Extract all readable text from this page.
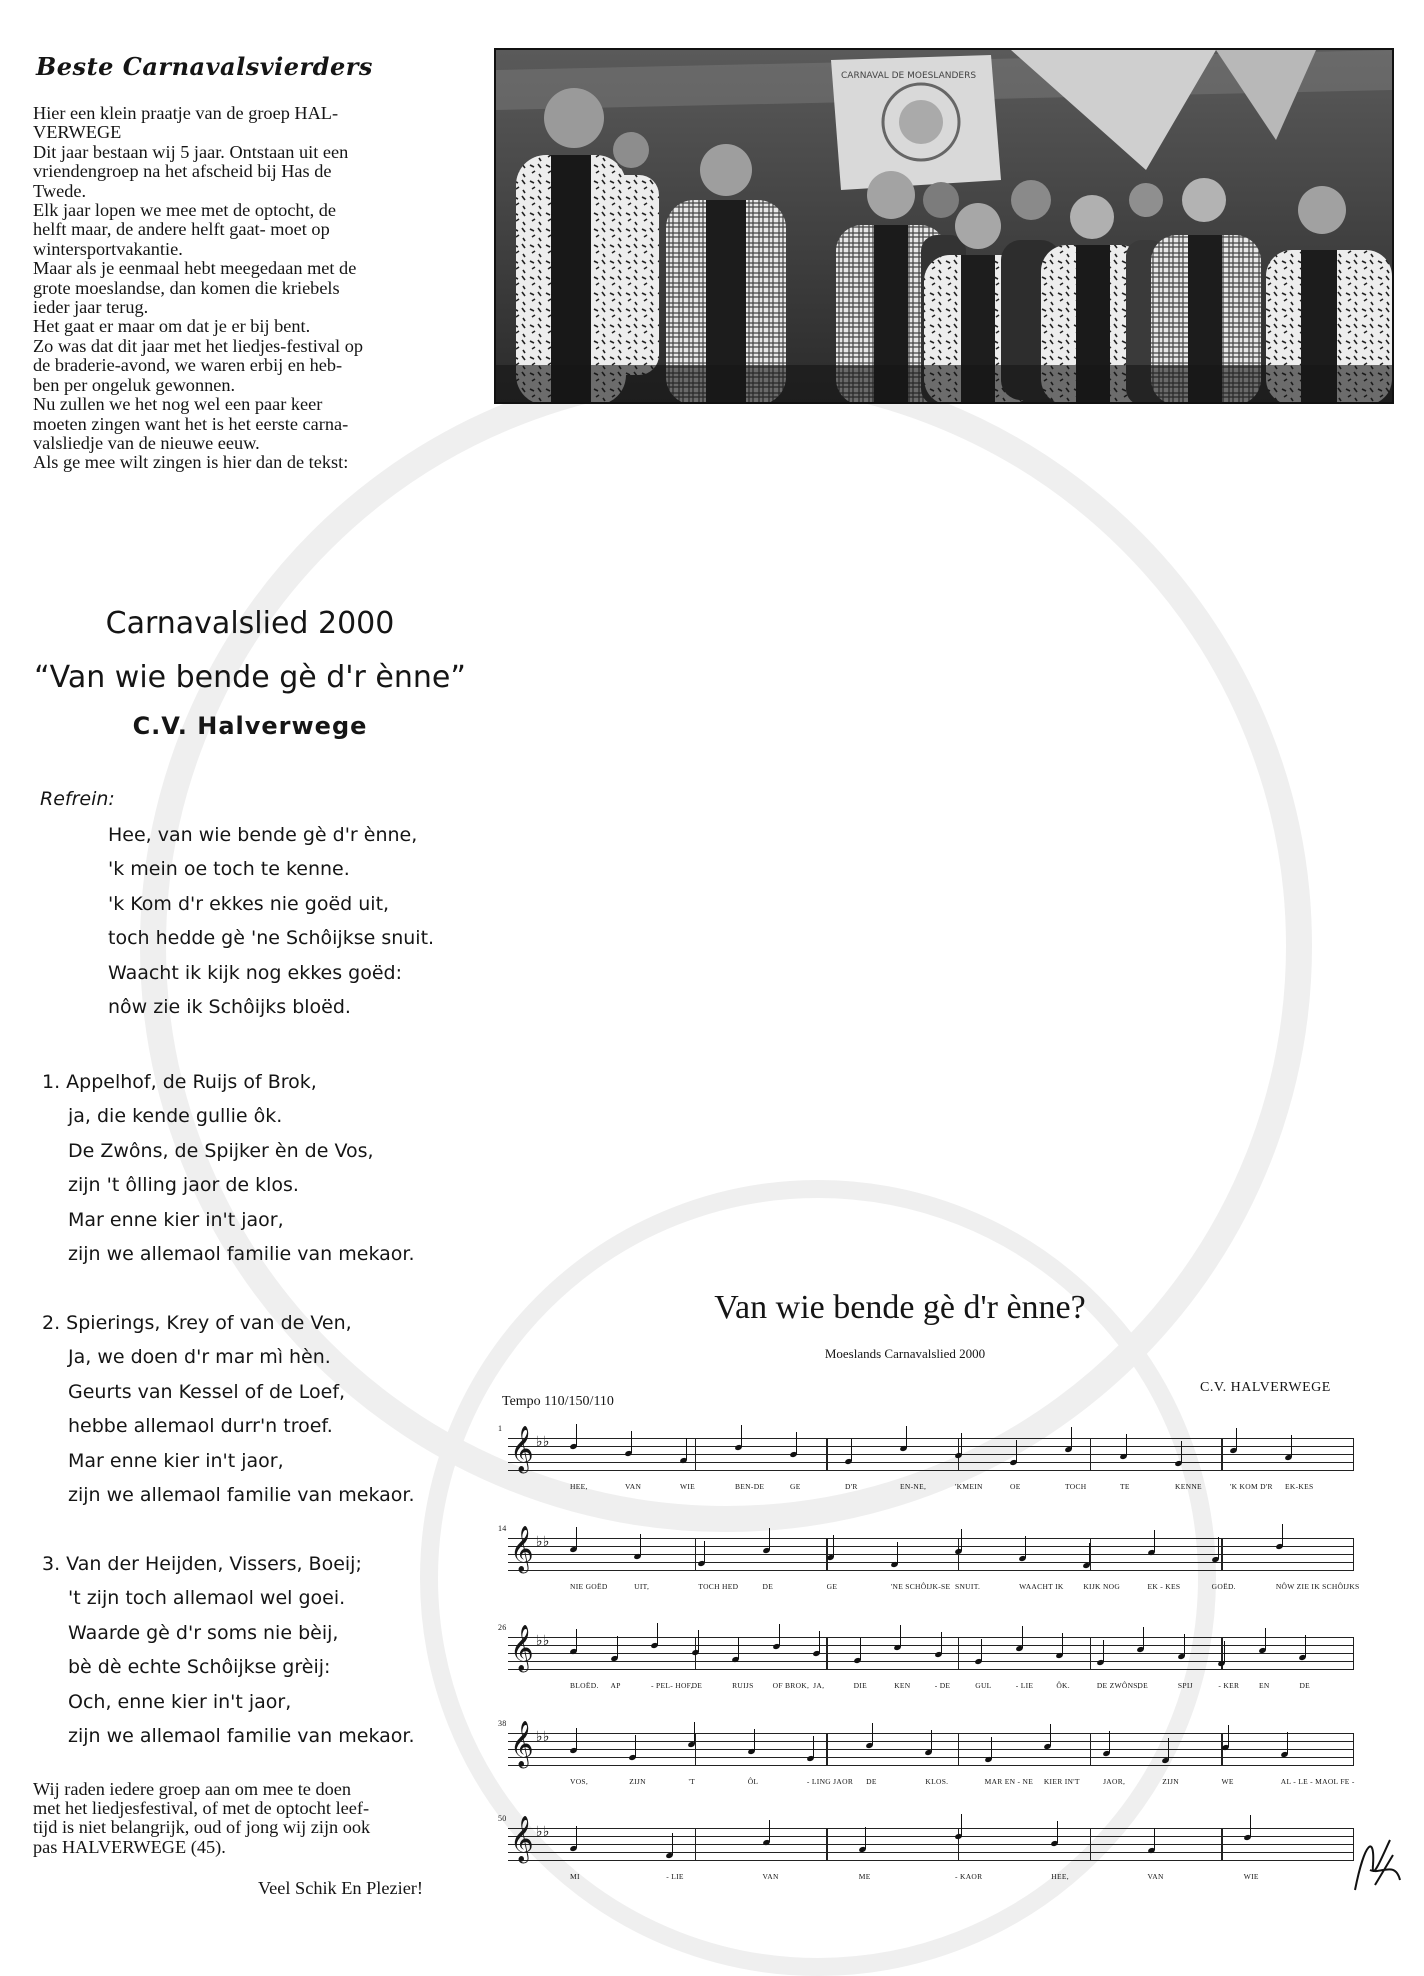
Beste Carnavalsvierders
Hier een klein praatje van de groep HAL-
VERWEGE
Dit jaar bestaan wij 5 jaar. Ontstaan uit een
vriendengroep na het afscheid bij Has de
Twede.
Elk jaar lopen we mee met de optocht, de
helft maar, de andere helft gaat- moet op
wintersportvakantie.
Maar als je eenmaal hebt meegedaan met de
grote moeslandse, dan komen die kriebels
ieder jaar terug.
Het gaat er maar om dat je er bij bent.
Zo was dat dit jaar met het liedjes-festival op
de braderie-avond, we waren erbij en heb-
ben per ongeluk gewonnen.
Nu zullen we het nog wel een paar keer
moeten zingen want het is het eerste carna-
valsliedje van de nieuwe eeuw.
Als ge mee wilt zingen is hier dan de tekst:
Carnavalslied 2000
“Van wie bende gè d'r ènne”
C.V. Halverwege
Refrein:
Hee, van wie bende gè d'r ènne,
'k mein oe toch te kenne.
'k Kom d'r ekkes nie goëd uit,
toch hedde gè 'ne Schôijkse snuit.
Waacht ik kijk nog ekkes goëd:
nôw zie ik Schôijks bloëd.
1. Appelhof, de Ruijs of Brok,
ja, die kende gullie ôk.
De Zwôns, de Spijker èn de Vos,
zijn 't ôlling jaor de klos.
Mar enne kier in't jaor,
zijn we allemaol familie van mekaor.
2. Spierings, Krey of van de Ven,
Ja, we doen d'r mar mì hèn.
Geurts van Kessel of de Loef,
hebbe allemaol durr'n troef.
Mar enne kier in't jaor,
zijn we allemaol familie van mekaor.
3. Van der Heijden, Vissers, Boeij;
't zijn toch allemaol wel goei.
Waarde gè d'r soms nie bèij,
bè dè echte Schôijkse grèij:
Och, enne kier in't jaor,
zijn we allemaol familie van mekaor.
Wij raden iedere groep aan om mee te doen
met het liedjesfestival, of met de optocht leef-
tijd is niet belangrijk, oud of jong wij zijn ook
pas HALVERWEGE (45).
Veel Schik En Plezier!
CARNAVAL DE MOESLANDERS
Van wie bende gè d'r ènne?
Moeslands Carnavalslied 2000
Tempo 110/150/110
C.V. HALVERWEGE
1 𝄞 ♭♭
HEE,	VAN	WIE	BEN-DE	GE	D'R	EN-NE,	'KMEIN	OE	TOCH	TE	KENNE	'K KOM D'R EK-KES
14 𝄞 ♭♭
NIE GOËD	UIT,	TOCH HED	DE	GE	'NE SCHÔIJK-SE SNUIT.	WAACHT IK	KIJK NOG	EK - KES	GOËD.	NÔW ZIE IK SCHÔIJKS
26 𝄞 ♭♭
BLOËD. AP	- PEL- HOF,
DE	RUIJS	OF BROK, JA,	DIE	KEN	- DE	GUL	- LIE	ÔK.	DE ZWÔNS,
DE	SPIJ	- KER	EN	DE
38 𝄞 ♭♭
VOS,	ZIJN	'T	ÔL	- LING JAOR DE	KLOS.	MAR EN - NE KIER IN'T	JAOR,	ZIJN	WE	AL - LE - MAOL FE -
50 𝄞 ♭♭
MI	- LIE	VAN	ME	- KAOR	HEE,	VAN	WIE
